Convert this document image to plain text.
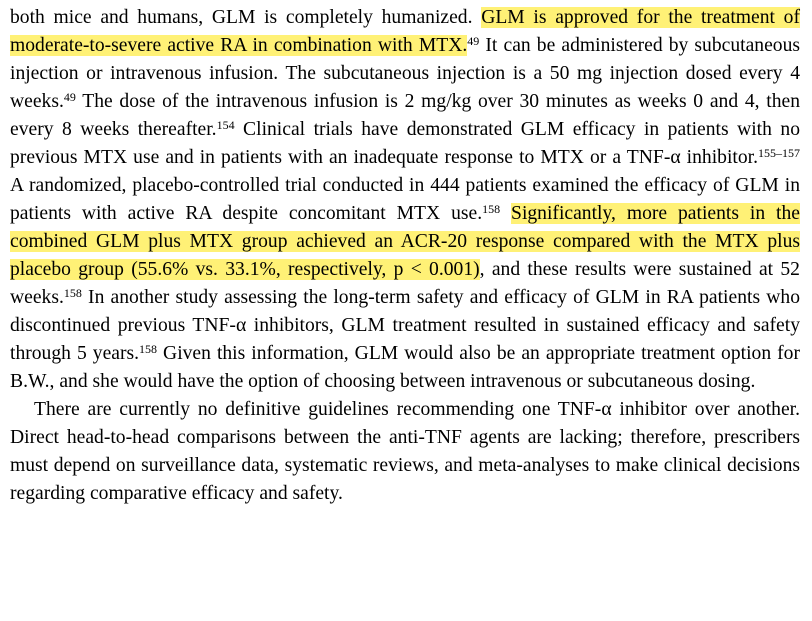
both mice and humans, GLM is completely humanized. GLM is approved for the treatment of moderate-to-severe active RA in combination with MTX.$^{49}$ It can be administered by subcutaneous injection or intravenous infusion. The subcutaneous injection is a 50 mg injection dosed every 4 weeks.$^{49}$ The dose of the intravenous infusion is 2 mg/kg over 30 minutes as weeks 0 and 4, then every 8 weeks thereafter.$^{154}$ Clinical trials have demonstrated GLM efficacy in patients with no previous MTX use and in patients with an inadequate response to MTX or a TNF-α inhibitor.$^{155-157}$ A randomized, placebo-controlled trial conducted in 444 patients examined the efficacy of GLM in patients with active RA despite concomitant MTX use.$^{158}$ Significantly, more patients in the combined GLM plus MTX group achieved an ACR-20 response compared with the MTX plus placebo group (55.6% vs. 33.1%, respectively, p < 0.001), and these results were sustained at 52 weeks.$^{158}$ In another study assessing the long-term safety and efficacy of GLM in RA patients who discontinued previous TNF-α inhibitors, GLM treatment resulted in sustained efficacy and safety through 5 years.$^{158}$ Given this information, GLM would also be an appropriate treatment option for B.W., and she would have the option of choosing between intravenous or subcutaneous dosing.

There are currently no definitive guidelines recommending one TNF-α inhibitor over another. Direct head-to-head comparisons between the anti-TNF agents are lacking; therefore, prescribers must depend on surveillance data, systematic reviews, and meta-analyses to make clinical decisions regarding comparative efficacy and safety.
